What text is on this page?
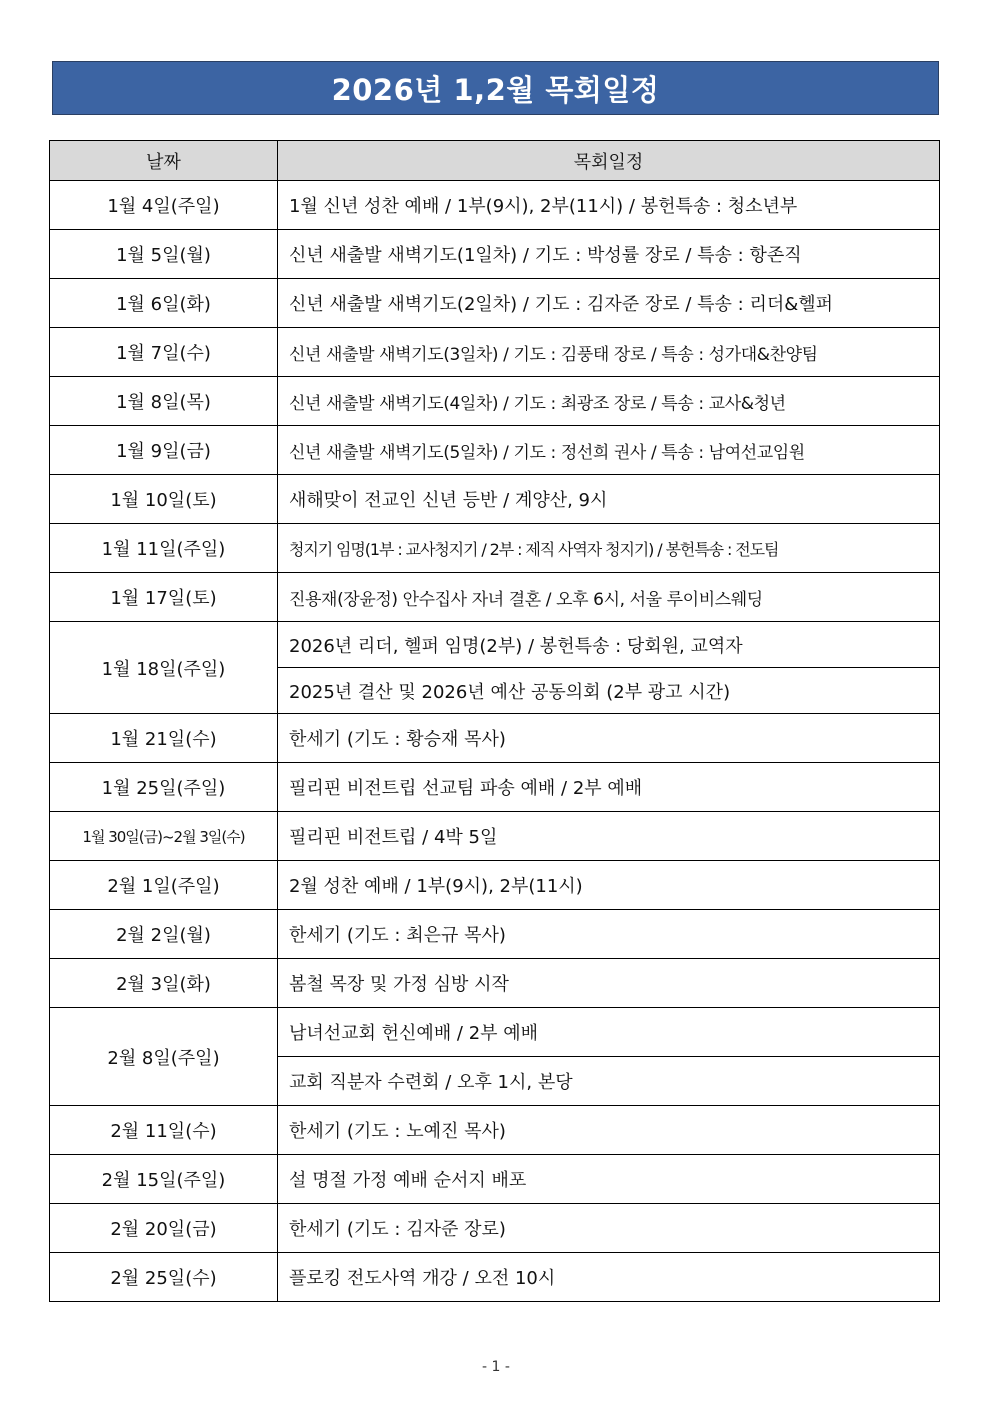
2026년 1,2월 목회일정
날짜	목회일정
1월 4일(주일)	1월 신년 성찬 예배 / 1부(9시), 2부(11시) / 봉헌특송 : 청소년부
1월 5일(월)	신년 새출발 새벽기도(1일차) / 기도 : 박성률 장로 / 특송 : 항존직
1월 6일(화)	신년 새출발 새벽기도(2일차) / 기도 : 김자준 장로 / 특송 : 리더&헬퍼
1월 7일(수)	신년 새출발 새벽기도(3일차) / 기도 : 김풍태 장로 / 특송 : 성가대&찬양팀
1월 8일(목)	신년 새출발 새벽기도(4일차) / 기도 : 최광조 장로 / 특송 : 교사&청년
1월 9일(금)	신년 새출발 새벽기도(5일차) / 기도 : 정선희 권사 / 특송 : 남여선교임원
1월 10일(토)	새해맞이 전교인 신년 등반 / 계양산, 9시
1월 11일(주일)	청지기 임명(1부 : 교사청지기 / 2부 : 제직 사역자 청지기) / 봉헌특송 : 전도팀
1월 17일(토)	진용재(장윤정) 안수집사 자녀 결혼 / 오후 6시, 서울 루이비스웨딩
1월 18일(주일)	2026년 리더, 헬퍼 임명(2부) / 봉헌특송 : 당회원, 교역자
	2025년 결산 및 2026년 예산 공동의회 (2부 광고 시간)
1월 21일(수)	한세기 (기도 : 황승재 목사)
1월 25일(주일)	필리핀 비전트립 선교팀 파송 예배 / 2부 예배
1월 30일(금)~2월 3일(수)	필리핀 비전트립 / 4박 5일
2월 1일(주일)	2월 성찬 예배 / 1부(9시), 2부(11시)
2월 2일(월)	한세기 (기도 : 최은규 목사)
2월 3일(화)	봄철 목장 및 가정 심방 시작
2월 8일(주일)	남녀선교회 헌신예배 / 2부 예배
	교회 직분자 수련회 / 오후 1시, 본당
2월 11일(수)	한세기 (기도 : 노예진 목사)
2월 15일(주일)	설 명절 가정 예배 순서지 배포
2월 20일(금)	한세기 (기도 : 김자준 장로)
2월 25일(수)	플로킹 전도사역 개강 / 오전 10시
- 1 -
